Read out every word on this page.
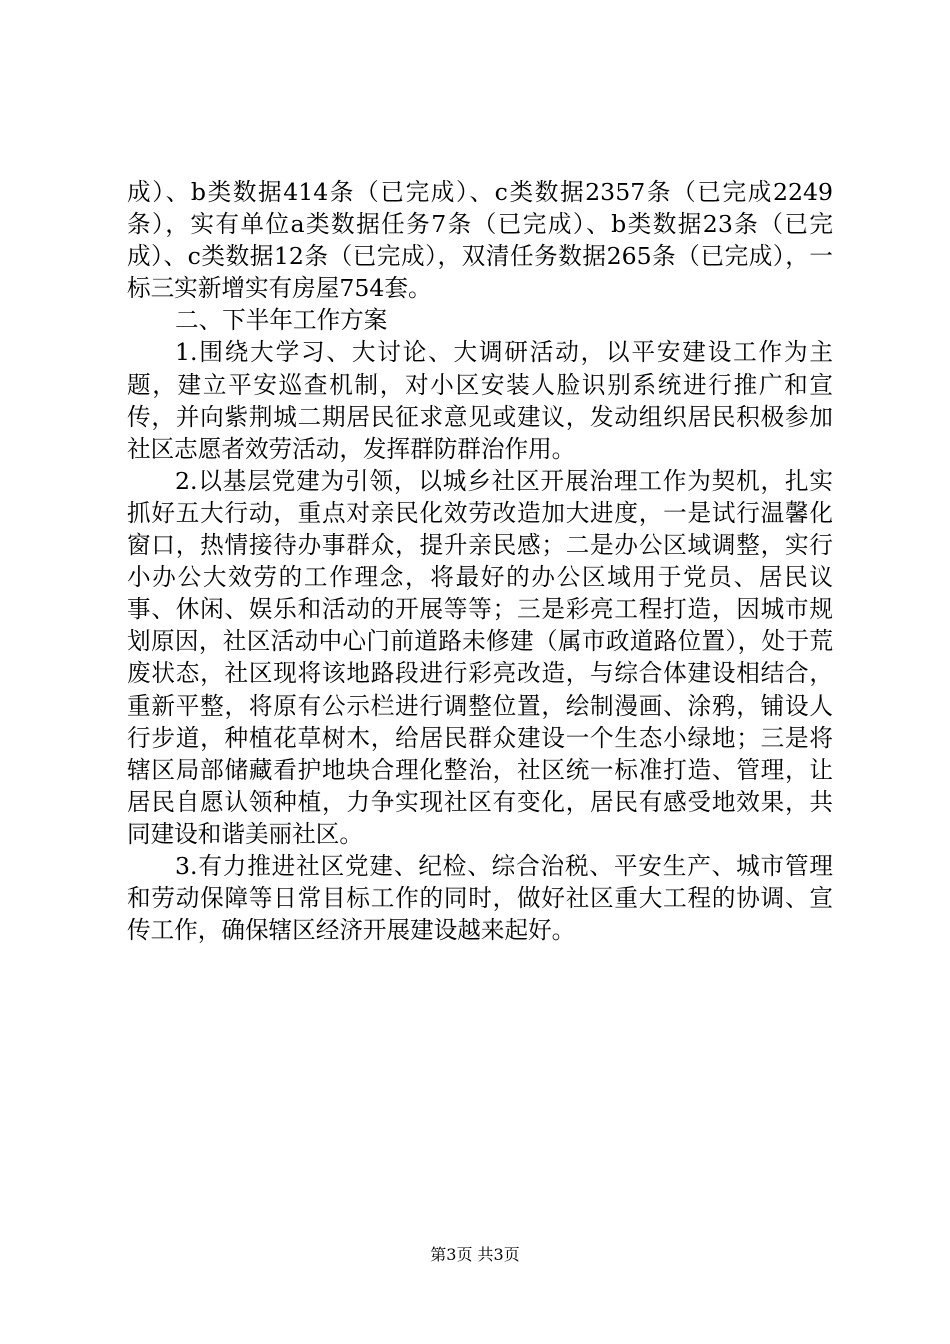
成）、b类数据414条（已完成）、c类数据2357条（已完成2249条），实有单位a类数据任务7条（已完成）、b类数据23条（已完成）、c类数据12条（已完成），双清任务数据265条（已完成），一标三实新增实有房屋754套。

二、下半年工作方案

1.围绕大学习、大讨论、大调研活动，以平安建设工作为主题，建立平安巡查机制，对小区安装人脸识别系统进行推广和宣传，并向紫荆城二期居民征求意见或建议，发动组织居民积极参加社区志愿者效劳活动，发挥群防群治作用。

2.以基层党建为引领，以城乡社区开展治理工作为契机，扎实抓好五大行动，重点对亲民化效劳改造加大进度，一是试行温馨化窗口，热情接待办事群众，提升亲民感；二是办公区域调整，实行小办公大效劳的工作理念，将最好的办公区域用于党员、居民议事、休闲、娱乐和活动的开展等等；三是彩亮工程打造，因城市规划原因，社区活动中心门前道路未修建（属市政道路位置），处于荒废状态，社区现将该地路段进行彩亮改造，与综合体建设相结合，重新平整，将原有公示栏进行调整位置，绘制漫画、涂鸦，铺设人行步道，种植花草树木，给居民群众建设一个生态小绿地；三是将辖区局部储藏看护地块合理化整治，社区统一标准打造、管理，让居民自愿认领种植，力争实现社区有变化，居民有感受地效果，共同建设和谐美丽社区。

3.有力推进社区党建、纪检、综合治税、平安生产、城市管理和劳动保障等日常目标工作的同时，做好社区重大工程的协调、宣传工作，确保辖区经济开展建设越来起好。

第3页 共3页
